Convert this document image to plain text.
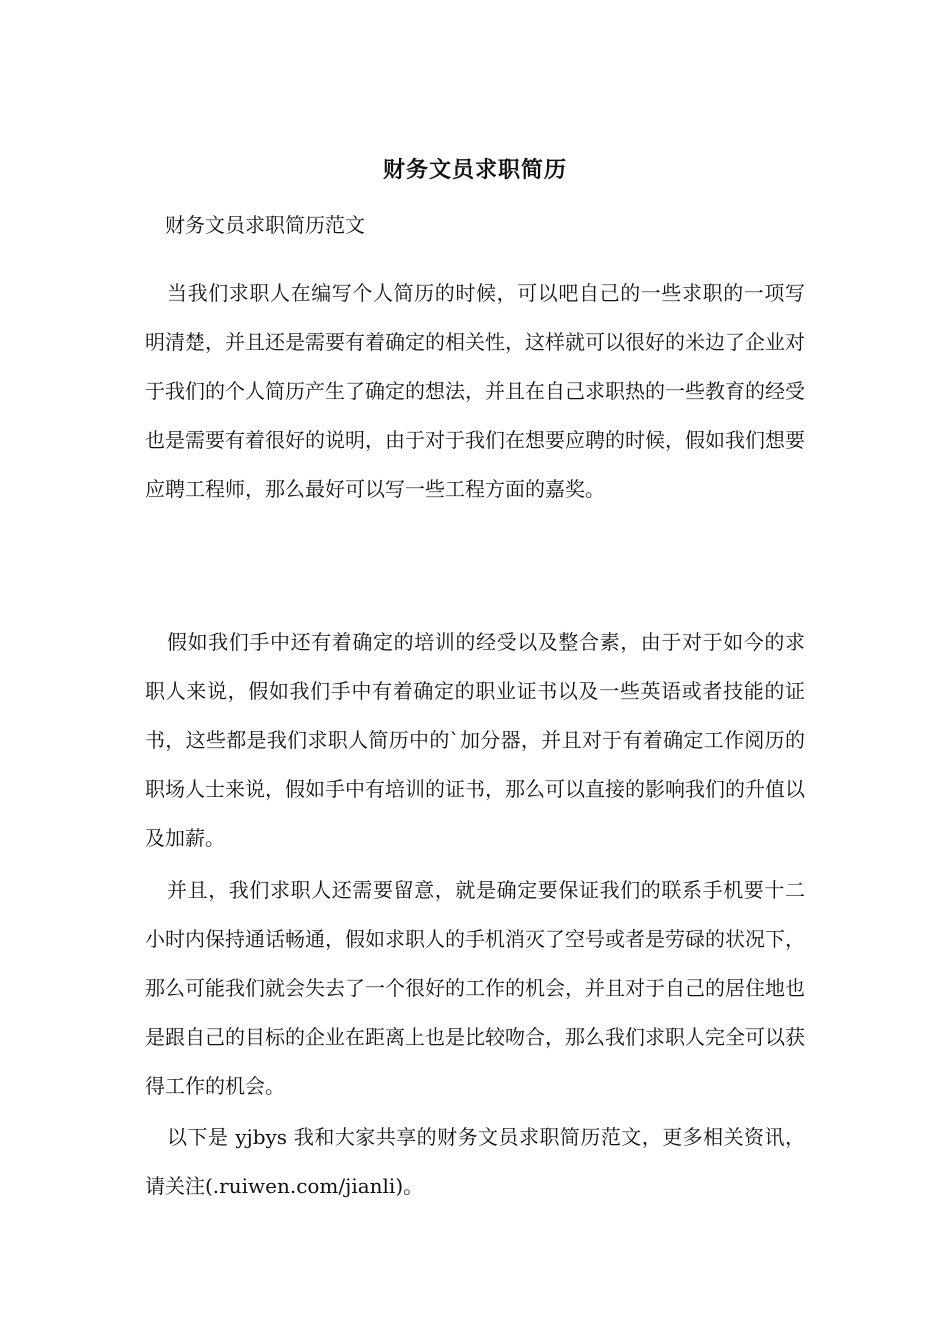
财务文员求职简历
财务文员求职简历范文

当我们求职人在编写个人简历的时候，可以吧自己的一些求职的一项写明清楚，并且还是需要有着确定的相关性，这样就可以很好的米边了企业对于我们的个人简历产生了确定的想法，并且在自己求职热的一些教育的经受也是需要有着很好的说明，由于对于我们在想要应聘的时候，假如我们想要应聘工程师，那么最好可以写一些工程方面的嘉奖。

假如我们手中还有着确定的培训的经受以及整合素，由于对于如今的求职人来说，假如我们手中有着确定的职业证书以及一些英语或者技能的证书，这些都是我们求职人简历中的`加分器，并且对于有着确定工作阅历的职场人士来说，假如手中有培训的证书，那么可以直接的影响我们的升值以及加薪。

并且，我们求职人还需要留意，就是确定要保证我们的联系手机要十二小时内保持通话畅通，假如求职人的手机消灭了空号或者是劳碌的状况下，那么可能我们就会失去了一个很好的工作的机会，并且对于自己的居住地也是跟自己的目标的企业在距离上也是比较吻合，那么我们求职人完全可以获得工作的机会。

以下是 yjbys 我和大家共享的财务文员求职简历范文，更多相关资讯，请关注(.ruiwen.com/jianli)。
